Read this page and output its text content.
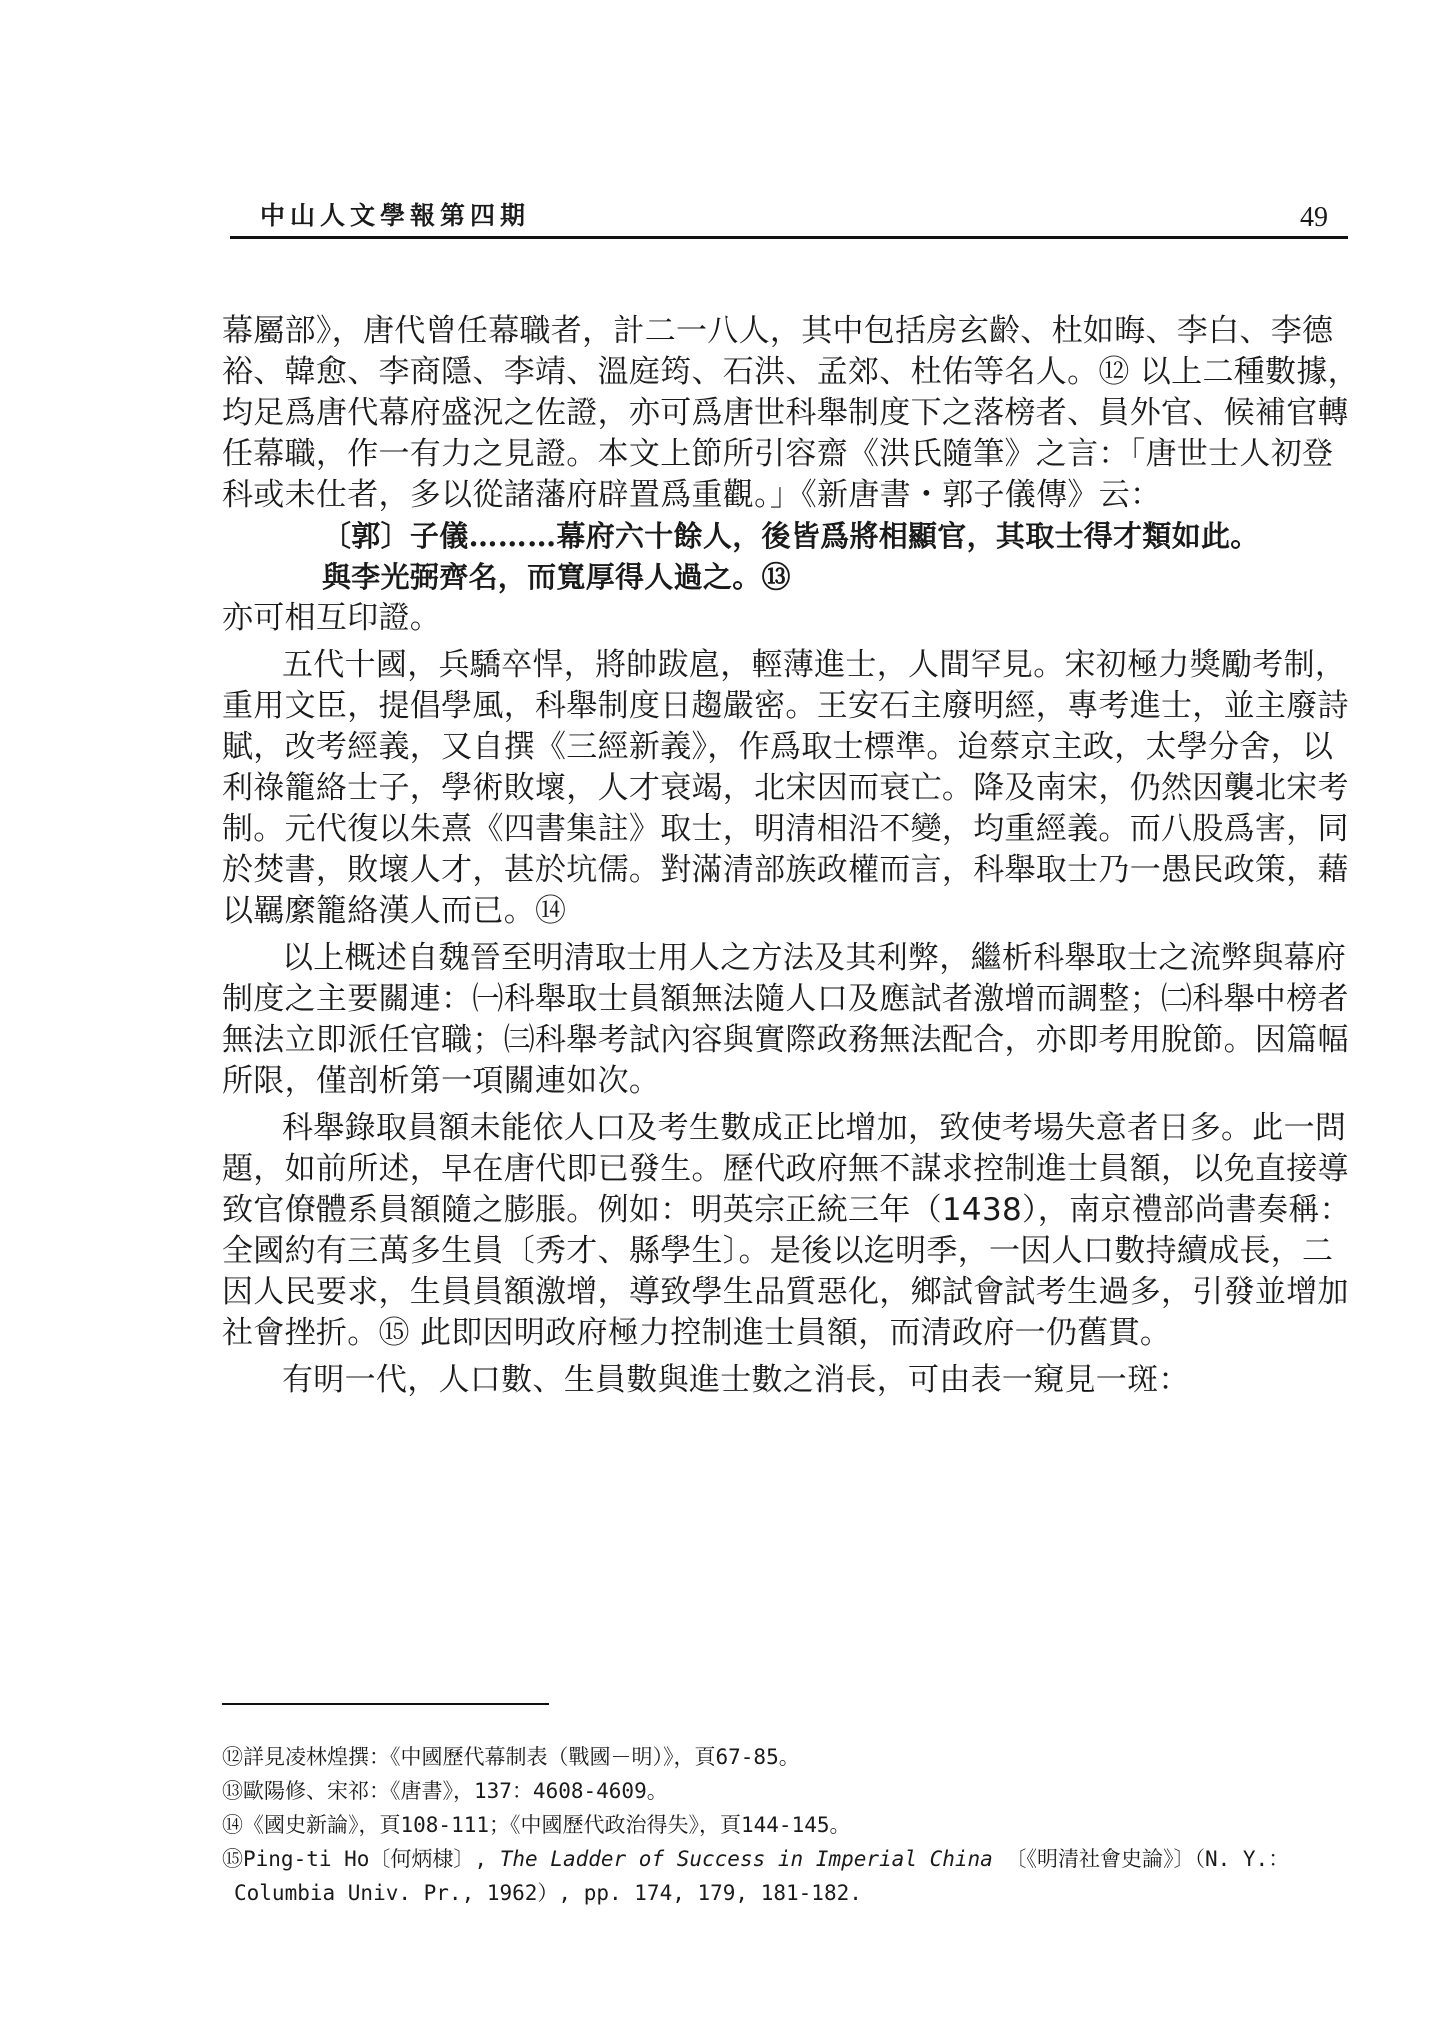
中山人文學報第四期	49
幕屬部》，唐代曾任幕職者，計二一八人，其中包括房玄齡、杜如晦、李白、李德
裕、韓愈、李商隱、李靖、溫庭筠、石洪、孟郊、杜佑等名人。⑫ 以上二種數據，
均足爲唐代幕府盛況之佐證，亦可爲唐世科舉制度下之落榜者、員外官、候補官轉
任幕職，作一有力之見證。本文上節所引容齋《洪氏隨筆》之言：「唐世士人初登
科或未仕者，多以從諸藩府辟置爲重觀。」《新唐書・郭子儀傳》云：
〔郭〕子儀………幕府六十餘人，後皆爲將相顯官，其取士得才類如此。
與李光弼齊名，而寬厚得人過之。⑬
亦可相互印證。
五代十國，兵驕卒悍，將帥跋扈，輕薄進士，人間罕見。宋初極力獎勵考制，
重用文臣，提倡學風，科舉制度日趨嚴密。王安石主廢明經，專考進士，並主廢詩
賦，改考經義，又自撰《三經新義》，作爲取士標準。迨蔡京主政，太學分舍，以
利祿籠絡士子，學術敗壞，人才衰竭，北宋因而衰亡。降及南宋，仍然因襲北宋考
制。元代復以朱熹《四書集註》取士，明清相沿不變，均重經義。而八股爲害，同
於焚書，敗壞人才，甚於坑儒。對滿清部族政權而言，科舉取士乃一愚民政策，藉
以羈縻籠絡漢人而已。⑭
以上概述自魏晉至明清取士用人之方法及其利弊，繼析科舉取士之流弊與幕府
制度之主要關連：㈠科舉取士員額無法隨人口及應試者激增而調整；㈡科舉中榜者
無法立即派任官職；㈢科舉考試內容與實際政務無法配合，亦即考用脫節。因篇幅
所限，僅剖析第一項關連如次。
科舉錄取員額未能依人口及考生數成正比增加，致使考場失意者日多。此一問
題，如前所述，早在唐代即已發生。歷代政府無不謀求控制進士員額，以免直接導
致官僚體系員額隨之膨脹。例如：明英宗正統三年（1438），南京禮部尚書奏稱：
全國約有三萬多生員〔秀才、縣學生〕。是後以迄明季，一因人口數持續成長，二
因人民要求，生員員額激增，導致學生品質惡化，鄉試會試考生過多，引發並增加
社會挫折。⑮ 此即因明政府極力控制進士員額，而清政府一仍舊貫。
有明一代，人口數、生員數與進士數之消長，可由表一窺見一斑：
⑫詳見凌林煌撰：《中國歷代幕制表（戰國－明）》，頁67-85。
⑬歐陽修、宋祁：《唐書》，137：4608-4609。
⑭《國史新論》，頁108-111；《中國歷代政治得失》，頁144-145。
⑮Ping-ti Ho〔何炳棣〕, The Ladder of Success in Imperial China 〔《明清社會史論》〕（N. Y.：
Columbia Univ. Pr., 1962）, pp. 174, 179, 181-182.
